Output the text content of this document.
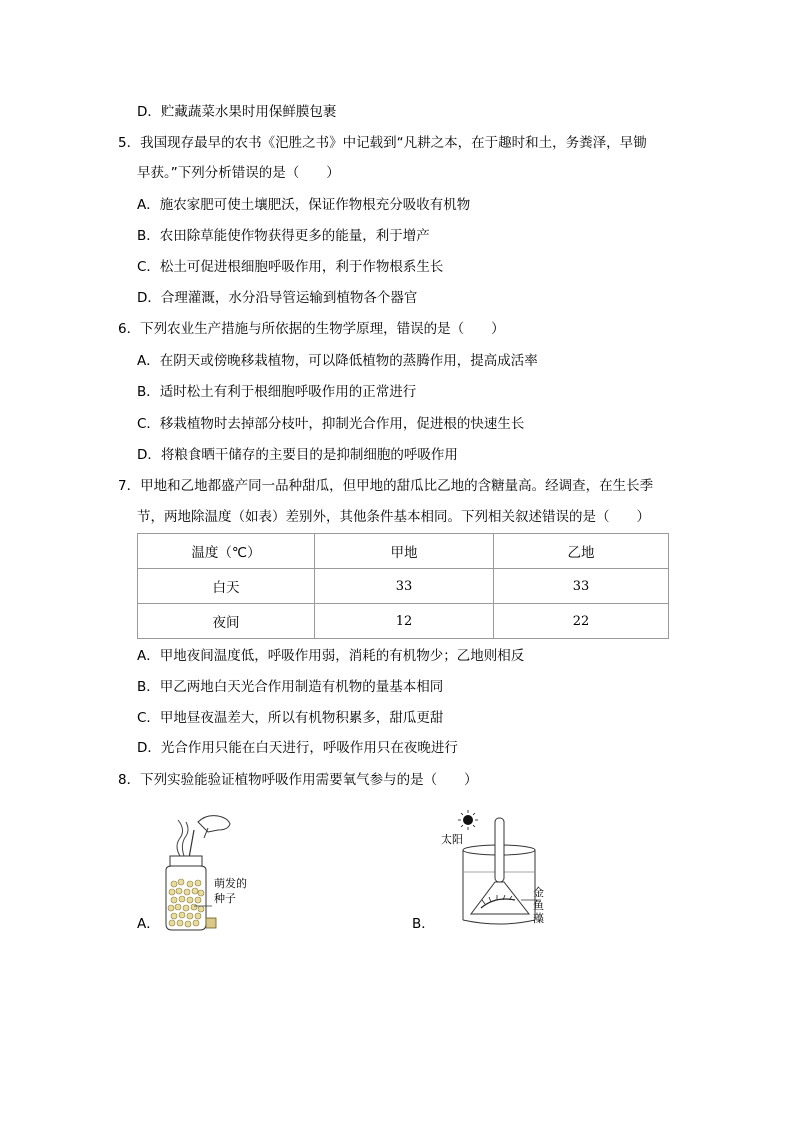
D．贮藏蔬菜水果时用保鲜膜包裹
5．我国现存最早的农书《汜胜之书》中记载到“凡耕之本，在于趣时和土，务粪泽，早锄
早获。”下列分析错误的是（　　）
A．施农家肥可使土壤肥沃，保证作物根充分吸收有机物
B．农田除草能使作物获得更多的能量，利于增产
C．松土可促进根细胞呼吸作用，利于作物根系生长
D．合理灌溉，水分沿导管运输到植物各个器官
6．下列农业生产措施与所依据的生物学原理，错误的是（　　）
A．在阴天或傍晚移栽植物，可以降低植物的蒸腾作用，提高成活率
B．适时松土有利于根细胞呼吸作用的正常进行
C．移栽植物时去掉部分枝叶，抑制光合作用，促进根的快速生长
D．将粮食晒干储存的主要目的是抑制细胞的呼吸作用
7．甲地和乙地都盛产同一品种甜瓜，但甲地的甜瓜比乙地的含糖量高。经调查，在生长季
节，两地除温度（如表）差别外，其他条件基本相同。下列相关叙述错误的是（　　）
温度（℃）	甲地	乙地
白天	33	33
夜间	12	22
A．甲地夜间温度低，呼吸作用弱，消耗的有机物少；乙地则相反
B．甲乙两地白天光合作用制造有机物的量基本相同
C．甲地昼夜温差大，所以有机物积累多，甜瓜更甜
D．光合作用只能在白天进行，呼吸作用只在夜晚进行
8．下列实验能验证植物呼吸作用需要氧气参与的是（　　）
萌发的
种子
A．
太阳
金
鱼
藻
B．
